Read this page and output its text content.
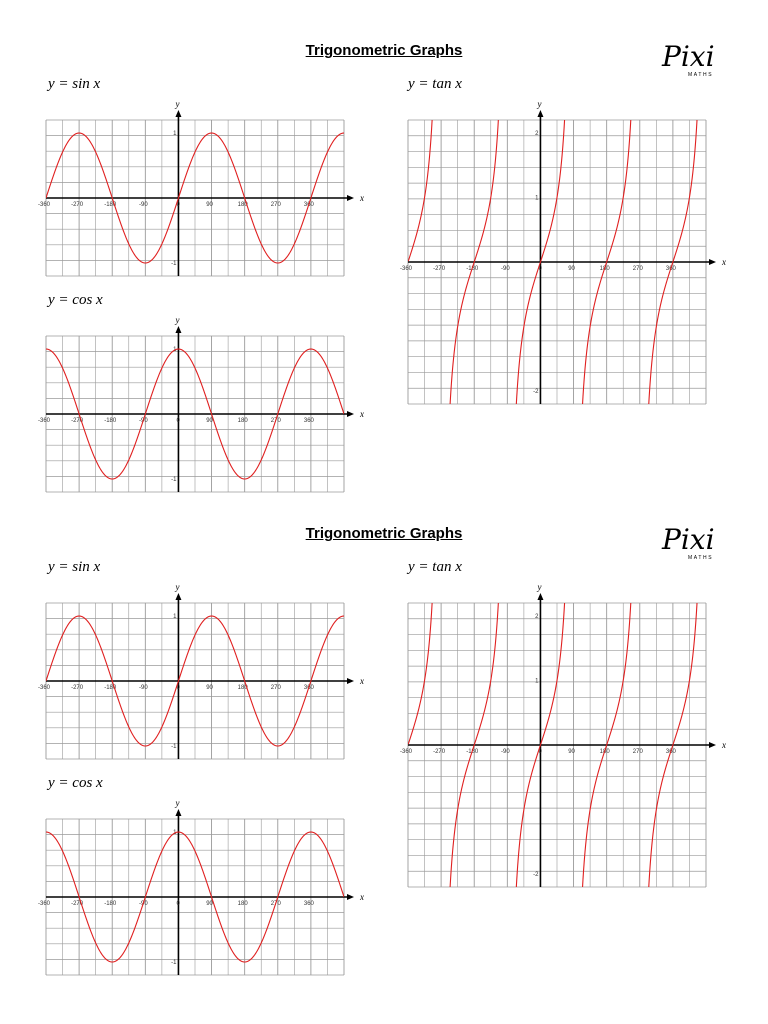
Trigonometric Graphs	Pixi
MATHS
y = sin x	y = tan x
y = cos x
x
y
-360	-270	-180	-90	0	90	180	270	360
1
-1
x
y
-360	-270	-180	-90	0	90	180	270	360
1
-1
x
y
-360	-270	-180	-90	0	90	180	270	360
2
1
-2
Trigonometric Graphs	Pixi
MATHS
y = sin x	y = tan x
y = cos x
x
y
-360	-270	-180	-90	0	90	180	270	360
1
-1
x
y
-360	-270	-180	-90	0	90	180	270	360
1
-1
x
y
-360	-270	-180	-90	0	90	180	270	360
2
1
-2
